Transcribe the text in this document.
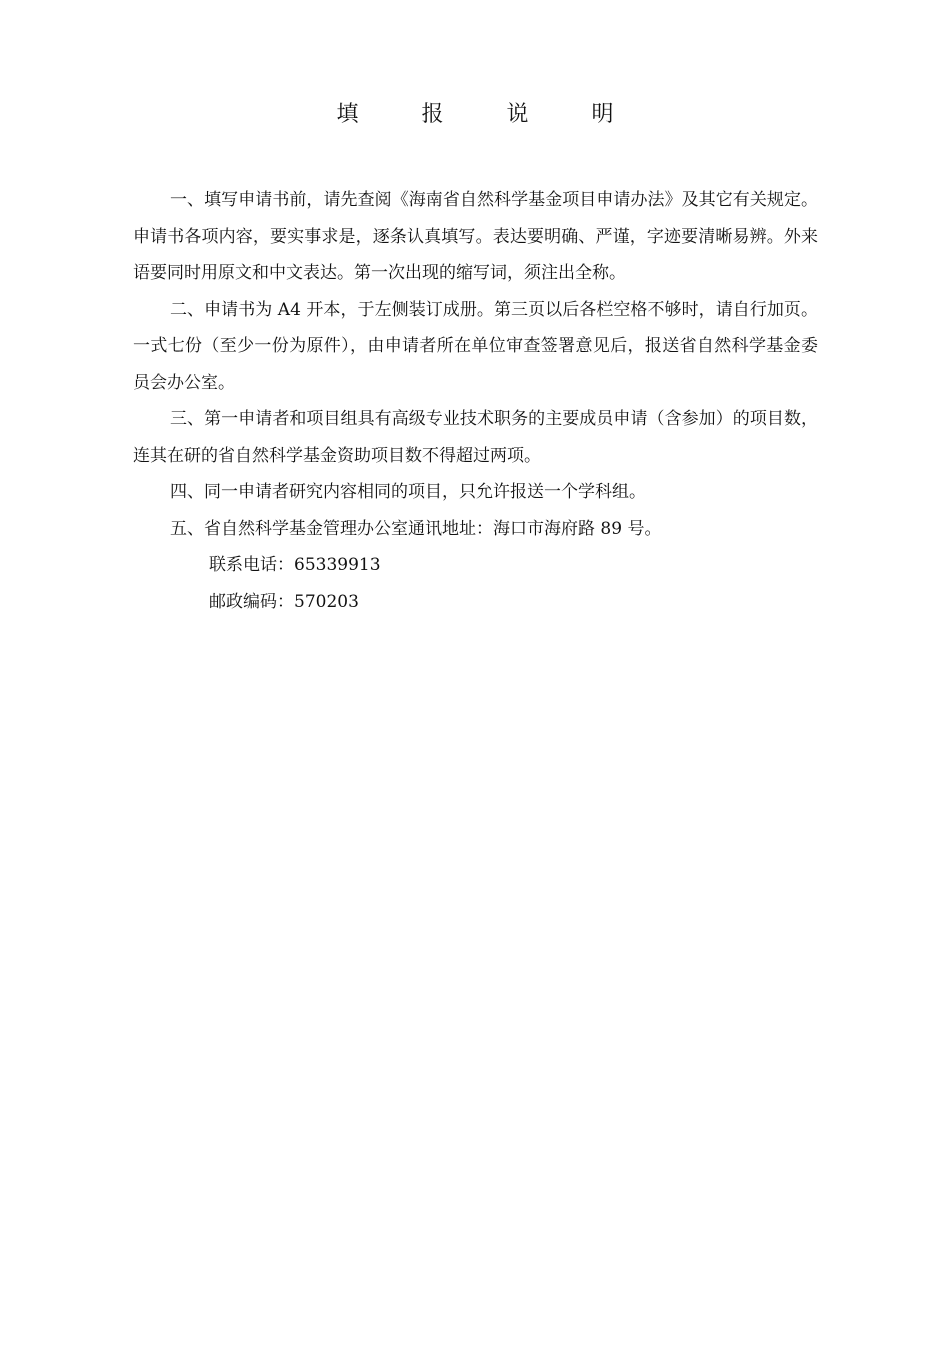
填 报 说 明

一、填写申请书前，请先查阅《海南省自然科学基金项目申请办法》及其它有关规定。申请书各项内容，要实事求是，逐条认真填写。表达要明确、严谨，字迹要清晰易辨。外来语要同时用原文和中文表达。第一次出现的缩写词，须注出全称。

二、申请书为 A4 开本，于左侧装订成册。第三页以后各栏空格不够时，请自行加页。一式七份（至少一份为原件），由申请者所在单位审查签署意见后，报送省自然科学基金委员会办公室。

三、第一申请者和项目组具有高级专业技术职务的主要成员申请（含参加）的项目数，连其在研的省自然科学基金资助项目数不得超过两项。

四、同一申请者研究内容相同的项目，只允许报送一个学科组。

五、省自然科学基金管理办公室通讯地址：海口市海府路 89 号。

联系电话：65339913

邮政编码：570203
